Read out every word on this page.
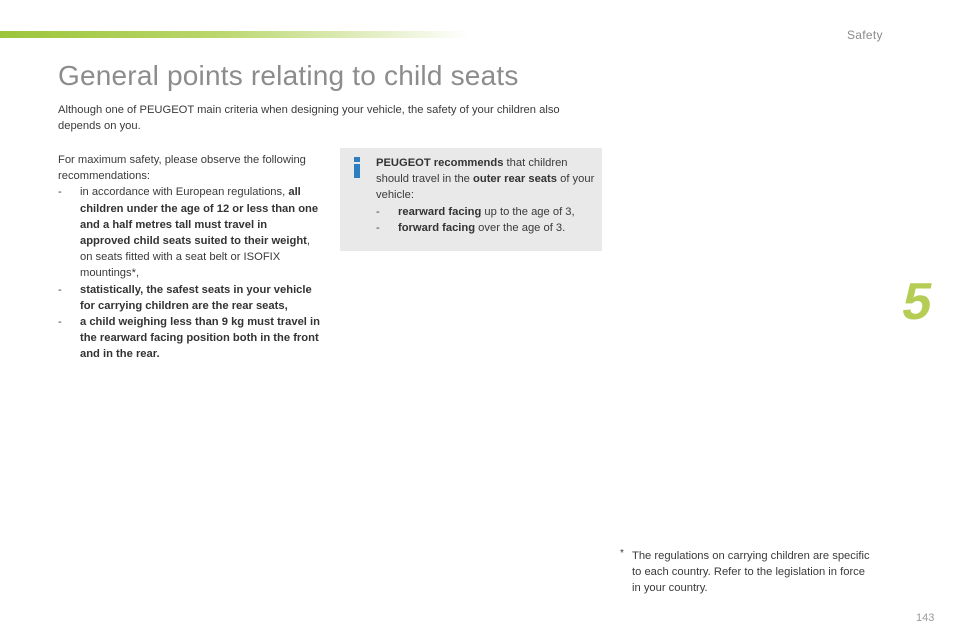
Safety
General points relating to child seats

Although one of PEUGEOT main criteria when designing your vehicle, the safety of your children also depends on you.

For maximum safety, please observe the following recommendations:
- in accordance with European regulations, all children under the age of 12 or less than one and a half metres tall must travel in approved child seats suited to their weight, on seats fitted with a seat belt or ISOFIX mountings*,
- statistically, the safest seats in your vehicle for carrying children are the rear seats,
- a child weighing less than 9 kg must travel in the rearward facing position both in the front and in the rear.
PEUGEOT recommends that children should travel in the outer rear seats of your vehicle:
- rearward facing up to the age of 3,
- forward facing over the age of 3.
* The regulations on carrying children are specific to each country. Refer to the legislation in force in your country.
5
143
